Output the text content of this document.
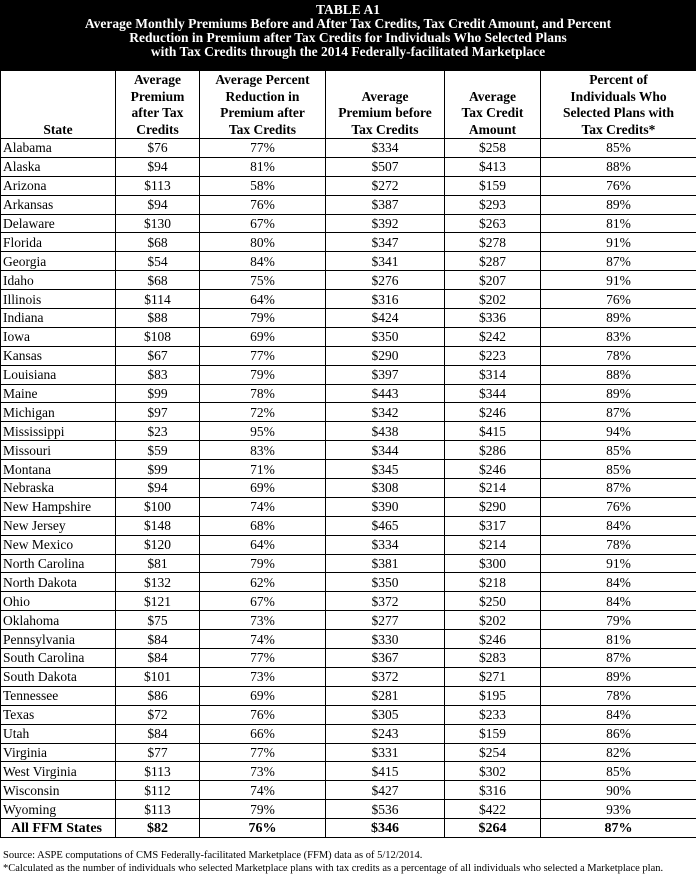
TABLE A1
Average Monthly Premiums Before and After Tax Credits, Tax Credit Amount, and Percent
Reduction in Premium after Tax Credits for Individuals Who Selected Plans
with Tax Credits through the 2014 Federally-facilitated Marketplace
State	Average
Premium
after Tax
Credits	Average Percent
Reduction in
Premium after
Tax Credits	Average
Premium before
Tax Credits	Average
Tax Credit
Amount	Percent of
Individuals Who
Selected Plans with
Tax Credits*
Alabama	$76	77%	$334	$258	85%
Alaska	$94	81%	$507	$413	88%
Arizona	$113	58%	$272	$159	76%
Arkansas	$94	76%	$387	$293	89%
Delaware	$130	67%	$392	$263	81%
Florida	$68	80%	$347	$278	91%
Georgia	$54	84%	$341	$287	87%
Idaho	$68	75%	$276	$207	91%
Illinois	$114	64%	$316	$202	76%
Indiana	$88	79%	$424	$336	89%
Iowa	$108	69%	$350	$242	83%
Kansas	$67	77%	$290	$223	78%
Louisiana	$83	79%	$397	$314	88%
Maine	$99	78%	$443	$344	89%
Michigan	$97	72%	$342	$246	87%
Mississippi	$23	95%	$438	$415	94%
Missouri	$59	83%	$344	$286	85%
Montana	$99	71%	$345	$246	85%
Nebraska	$94	69%	$308	$214	87%
New Hampshire	$100	74%	$390	$290	76%
New Jersey	$148	68%	$465	$317	84%
New Mexico	$120	64%	$334	$214	78%
North Carolina	$81	79%	$381	$300	91%
North Dakota	$132	62%	$350	$218	84%
Ohio	$121	67%	$372	$250	84%
Oklahoma	$75	73%	$277	$202	79%
Pennsylvania	$84	74%	$330	$246	81%
South Carolina	$84	77%	$367	$283	87%
South Dakota	$101	73%	$372	$271	89%
Tennessee	$86	69%	$281	$195	78%
Texas	$72	76%	$305	$233	84%
Utah	$84	66%	$243	$159	86%
Virginia	$77	77%	$331	$254	82%
West Virginia	$113	73%	$415	$302	85%
Wisconsin	$112	74%	$427	$316	90%
Wyoming	$113	79%	$536	$422	93%
All FFM States	$82	76%	$346	$264	87%
Source: ASPE computations of CMS Federally-facilitated Marketplace (FFM) data as of 5/12/2014.
*Calculated as the number of individuals who selected Marketplace plans with tax credits as a percentage of all individuals who selected a Marketplace plan.
